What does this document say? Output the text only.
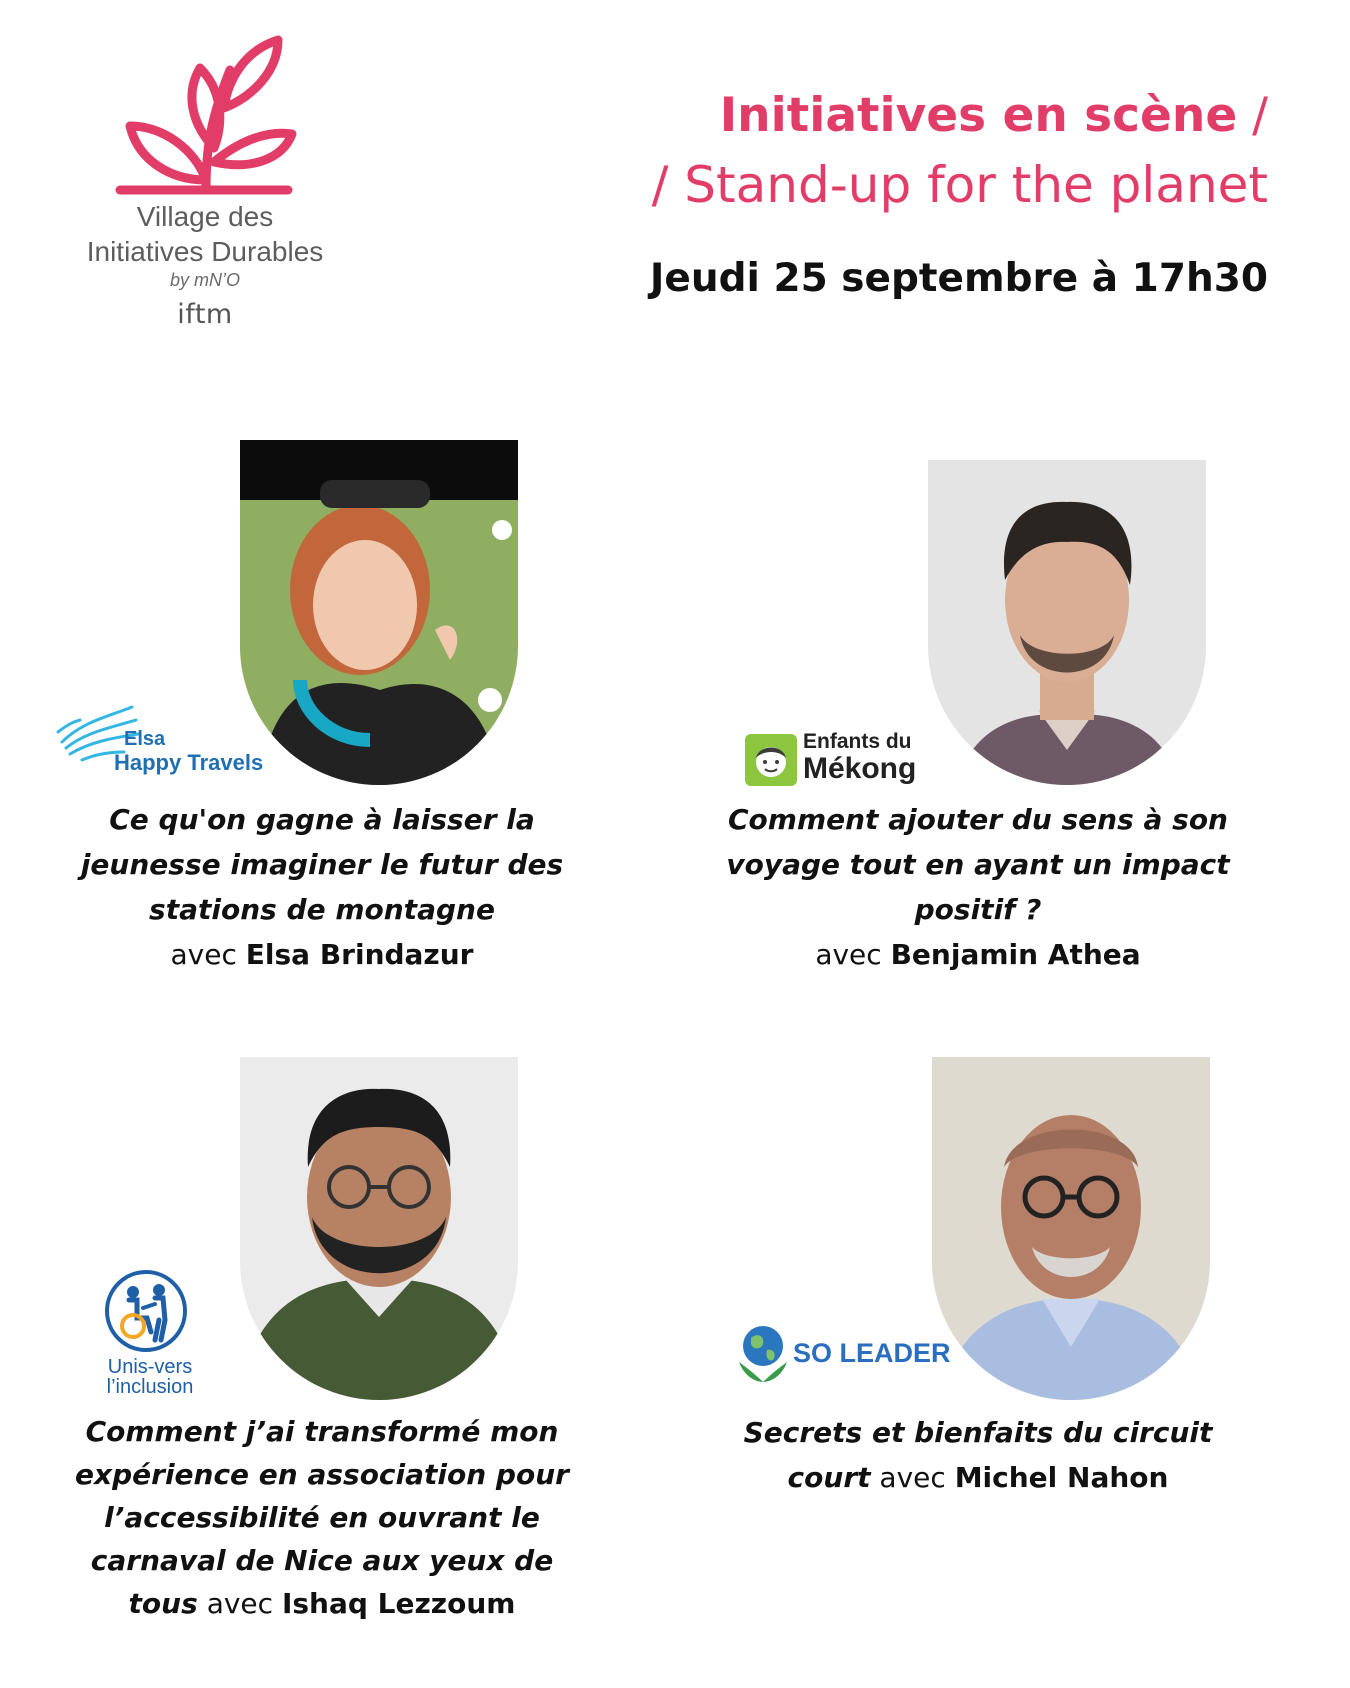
Village des
Initiatives Durables
by mN’O
iftm
Initiatives en scène /
/ Stand-up for the planet
Jeudi 25 septembre à 17h30
Elsa
Happy Travels
Ce qu'on gagne à laisser la jeunesse imaginer le futur des stations de montagne
avec Elsa Brindazur
Enfants du
Mékong
Comment ajouter du sens à son voyage tout en ayant un impact positif ?
avec Benjamin Athea
Unis-vers
l’inclusion
Comment j’ai transformé mon expérience en association pour l’accessibilité en ouvrant le carnaval de Nice aux yeux de tous avec Ishaq Lezzoum
SO LEADER
Secrets et bienfaits du circuit court avec Michel Nahon
